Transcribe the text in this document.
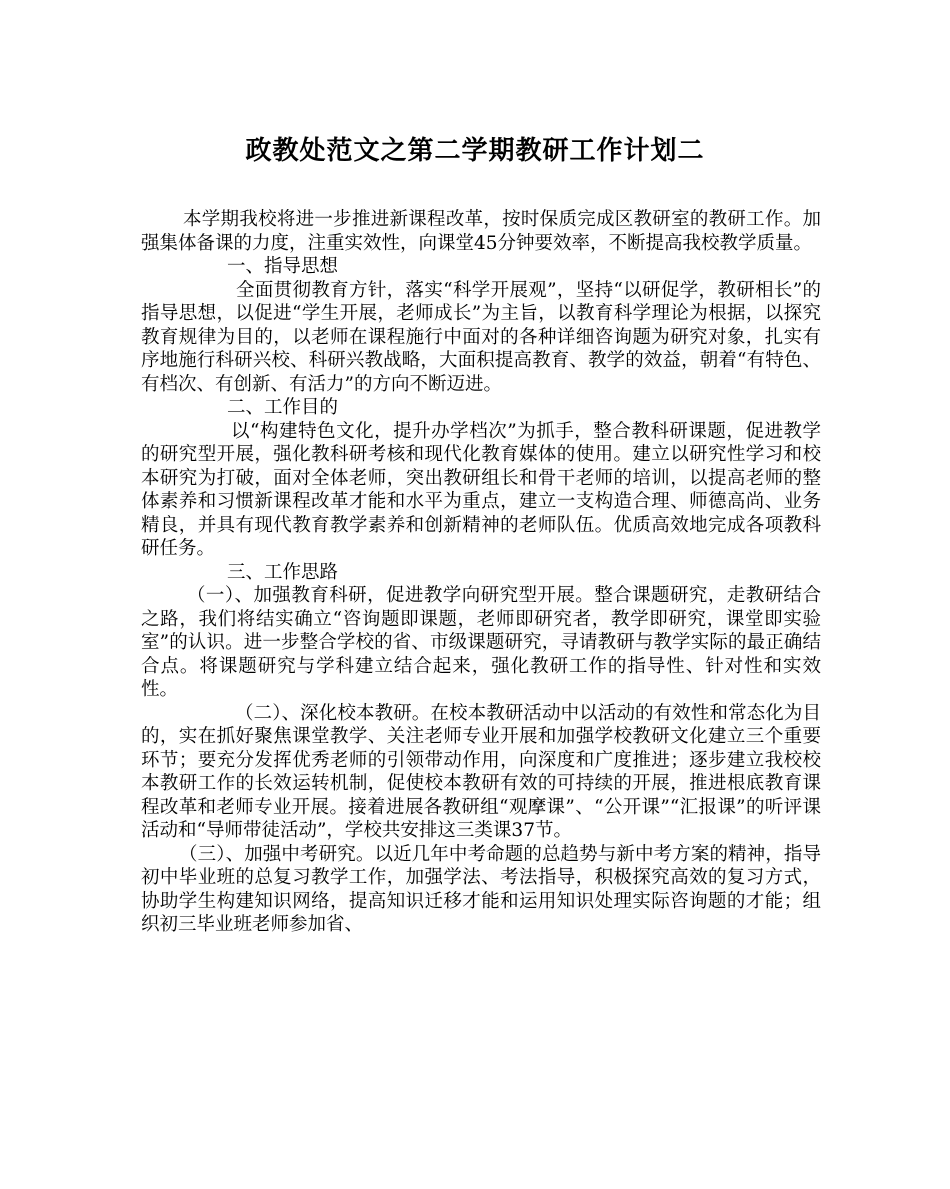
政教处范文之第二学期教研工作计划二

本学期我校将进一步推进新课程改革，按时保质完成区教研室的教研工作。加强集体备课的力度，注重实效性，向课堂45分钟要效率，不断提高我校教学质量。

一、指导思想

全面贯彻教育方针，落实“科学开展观”，坚持“以研促学，教研相长”的指导思想，以促进“学生开展，老师成长”为主旨，以教育科学理论为根据，以探究教育规律为目的，以老师在课程施行中面对的各种详细咨询题为研究对象，扎实有序地施行科研兴校、科研兴教战略，大面积提高教育、教学的效益，朝着“有特色、有档次、有创新、有活力”的方向不断迈进。

二、工作目的

以“构建特色文化，提升办学档次”为抓手，整合教科研课题，促进教学的研究型开展，强化教科研考核和现代化教育媒体的使用。建立以研究性学习和校本研究为打破，面对全体老师，突出教研组长和骨干老师的培训，以提高老师的整体素养和习惯新课程改革才能和水平为重点，建立一支构造合理、师德高尚、业务精良，并具有现代教育教学素养和创新精神的老师队伍。优质高效地完成各项教科研任务。

三、工作思路

（一）、加强教育科研，促进教学向研究型开展。整合课题研究，走教研结合之路，我们将结实确立“咨询题即课题，老师即研究者，教学即研究，课堂即实验室”的认识。进一步整合学校的省、市级课题研究，寻请教研与教学实际的最正确结合点。将课题研究与学科建立结合起来，强化教研工作的指导性、针对性和实效性。

（二）、深化校本教研。在校本教研活动中以活动的有效性和常态化为目的，实在抓好聚焦课堂教学、关注老师专业开展和加强学校教研文化建立三个重要环节；要充分发挥优秀老师的引领带动作用，向深度和广度推进；逐步建立我校校本教研工作的长效运转机制，促使校本教研有效的可持续的开展，推进根底教育课程改革和老师专业开展。接着进展各教研组“观摩课”、“公开课”“汇报课”的听评课活动和“导师带徒活动”，学校共安排这三类课37节。

（三）、加强中考研究。以近几年中考命题的总趋势与新中考方案的精神，指导初中毕业班的总复习教学工作，加强学法、考法指导，积极探究高效的复习方式，协助学生构建知识网络，提高知识迁移才能和运用知识处理实际咨询题的才能；组织初三毕业班老师参加省、
